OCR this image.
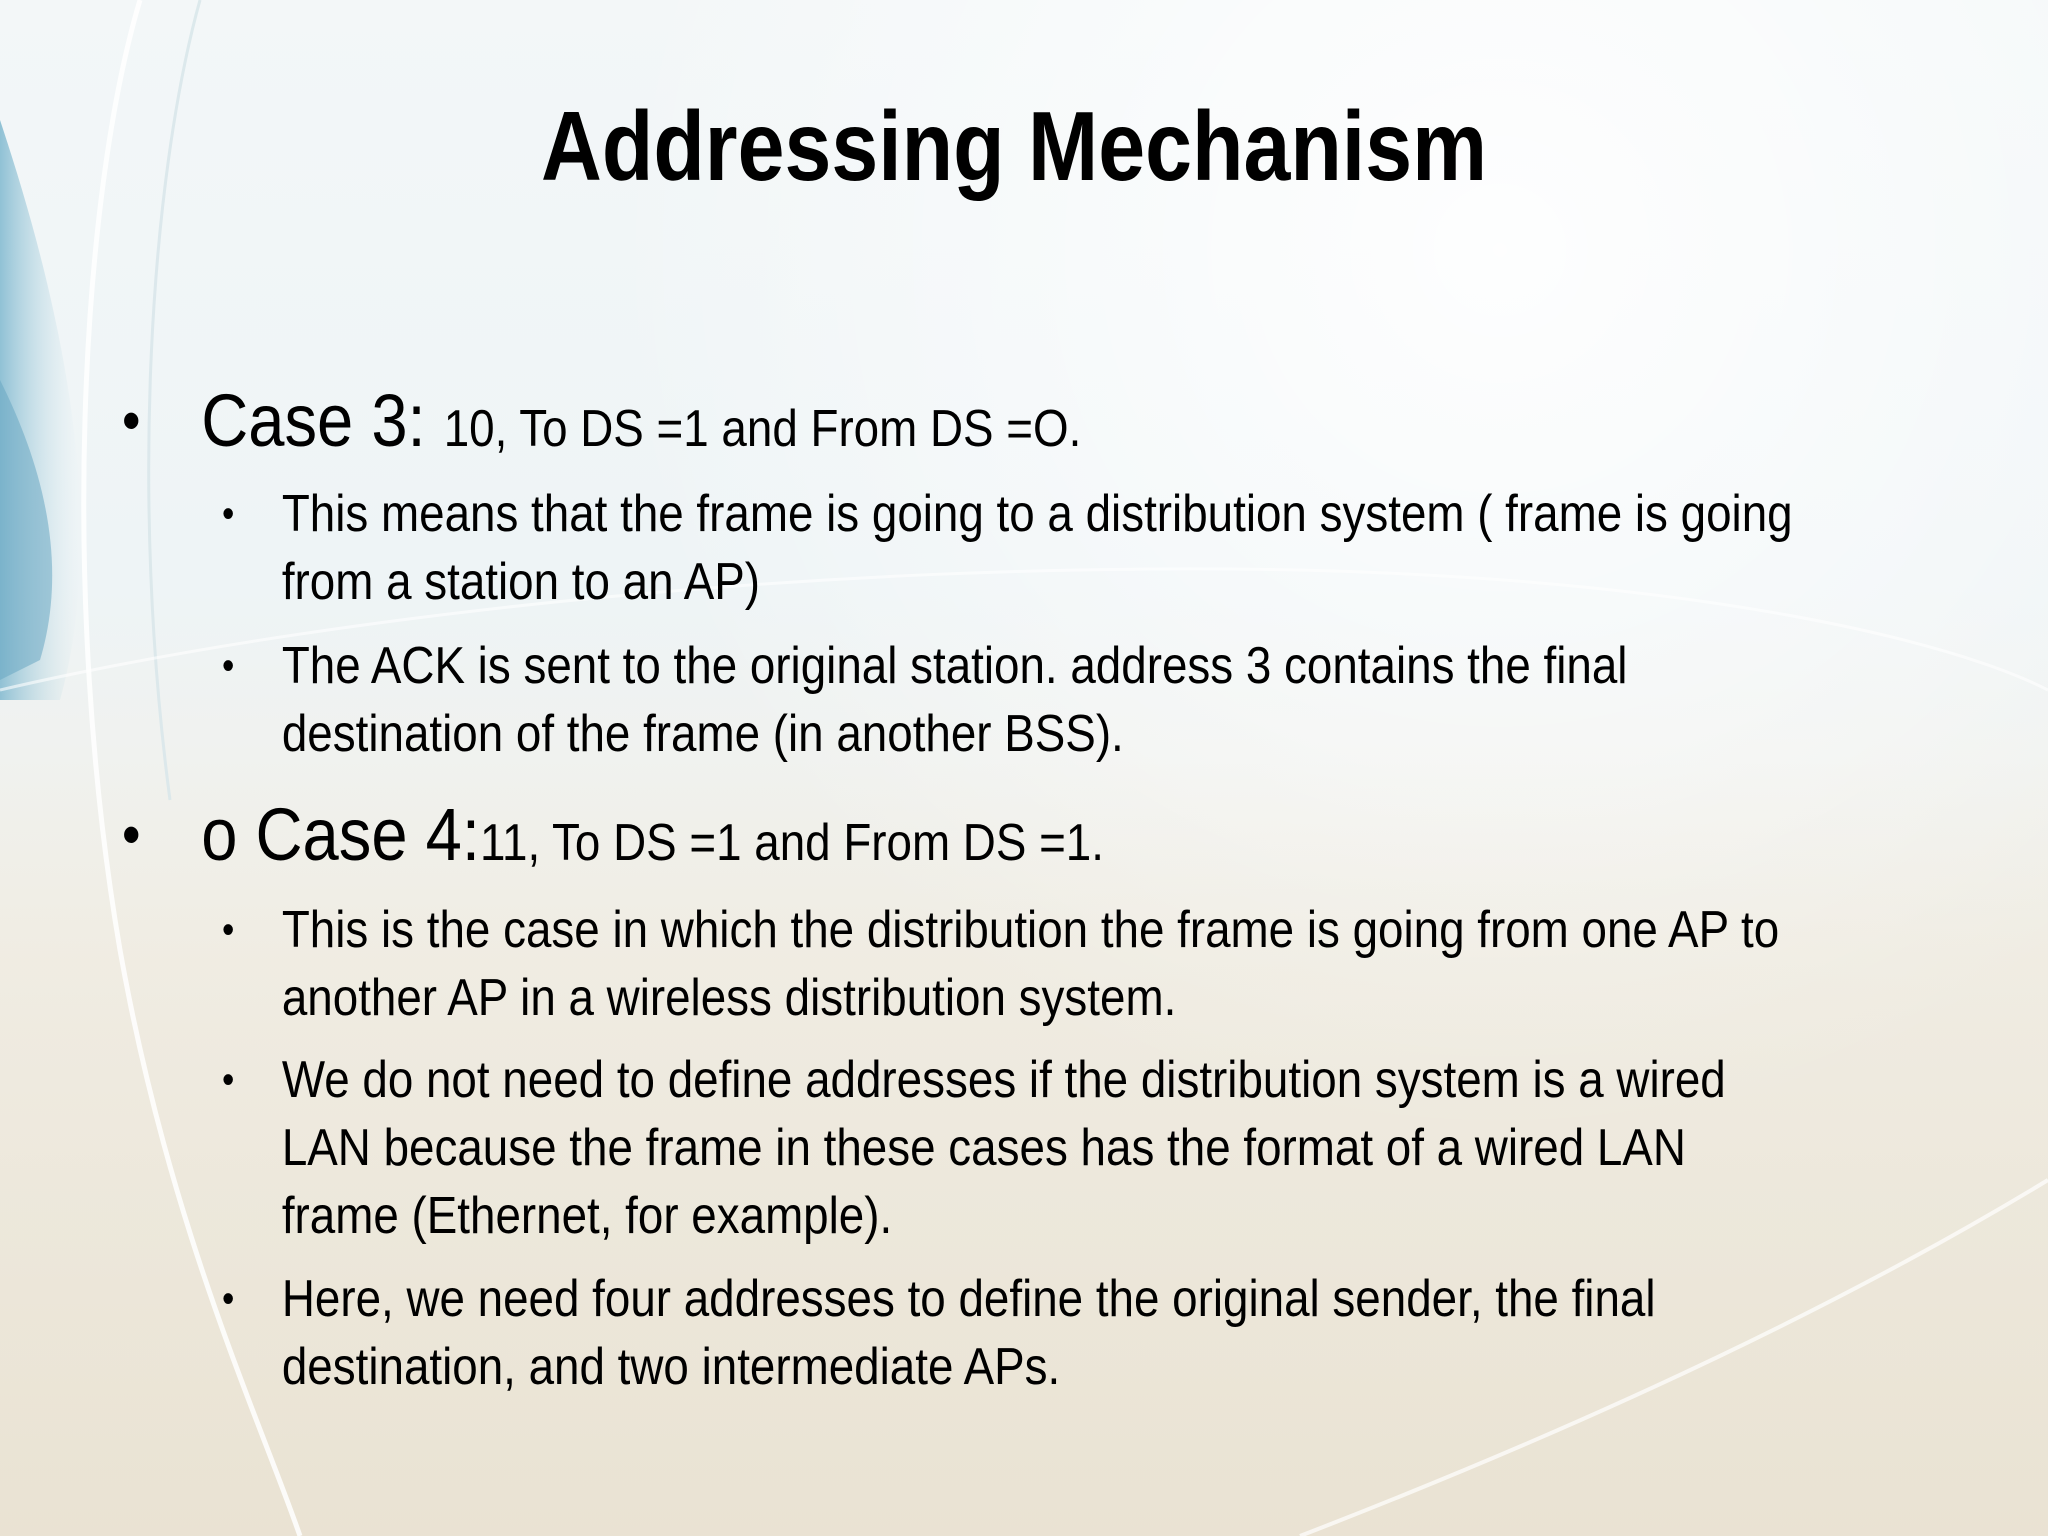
Addressing Mechanism
• Case 3: 10, To DS =1 and From DS =O.
• This means that the frame is going to a distribution system ( frame is going from a station to an AP)
• The ACK is sent to the original station. address 3 contains the final destination of the frame (in another BSS).
• o Case 4:11, To DS =1 and From DS =1.
• This is the case in which the distribution the frame is going from one AP to another AP in a wireless distribution system.
• We do not need to define addresses if the distribution system is a wired LAN because the frame in these cases has the format of a wired LAN frame (Ethernet, for example).
• Here, we need four addresses to define the original sender, the final destination, and two intermediate APs.
